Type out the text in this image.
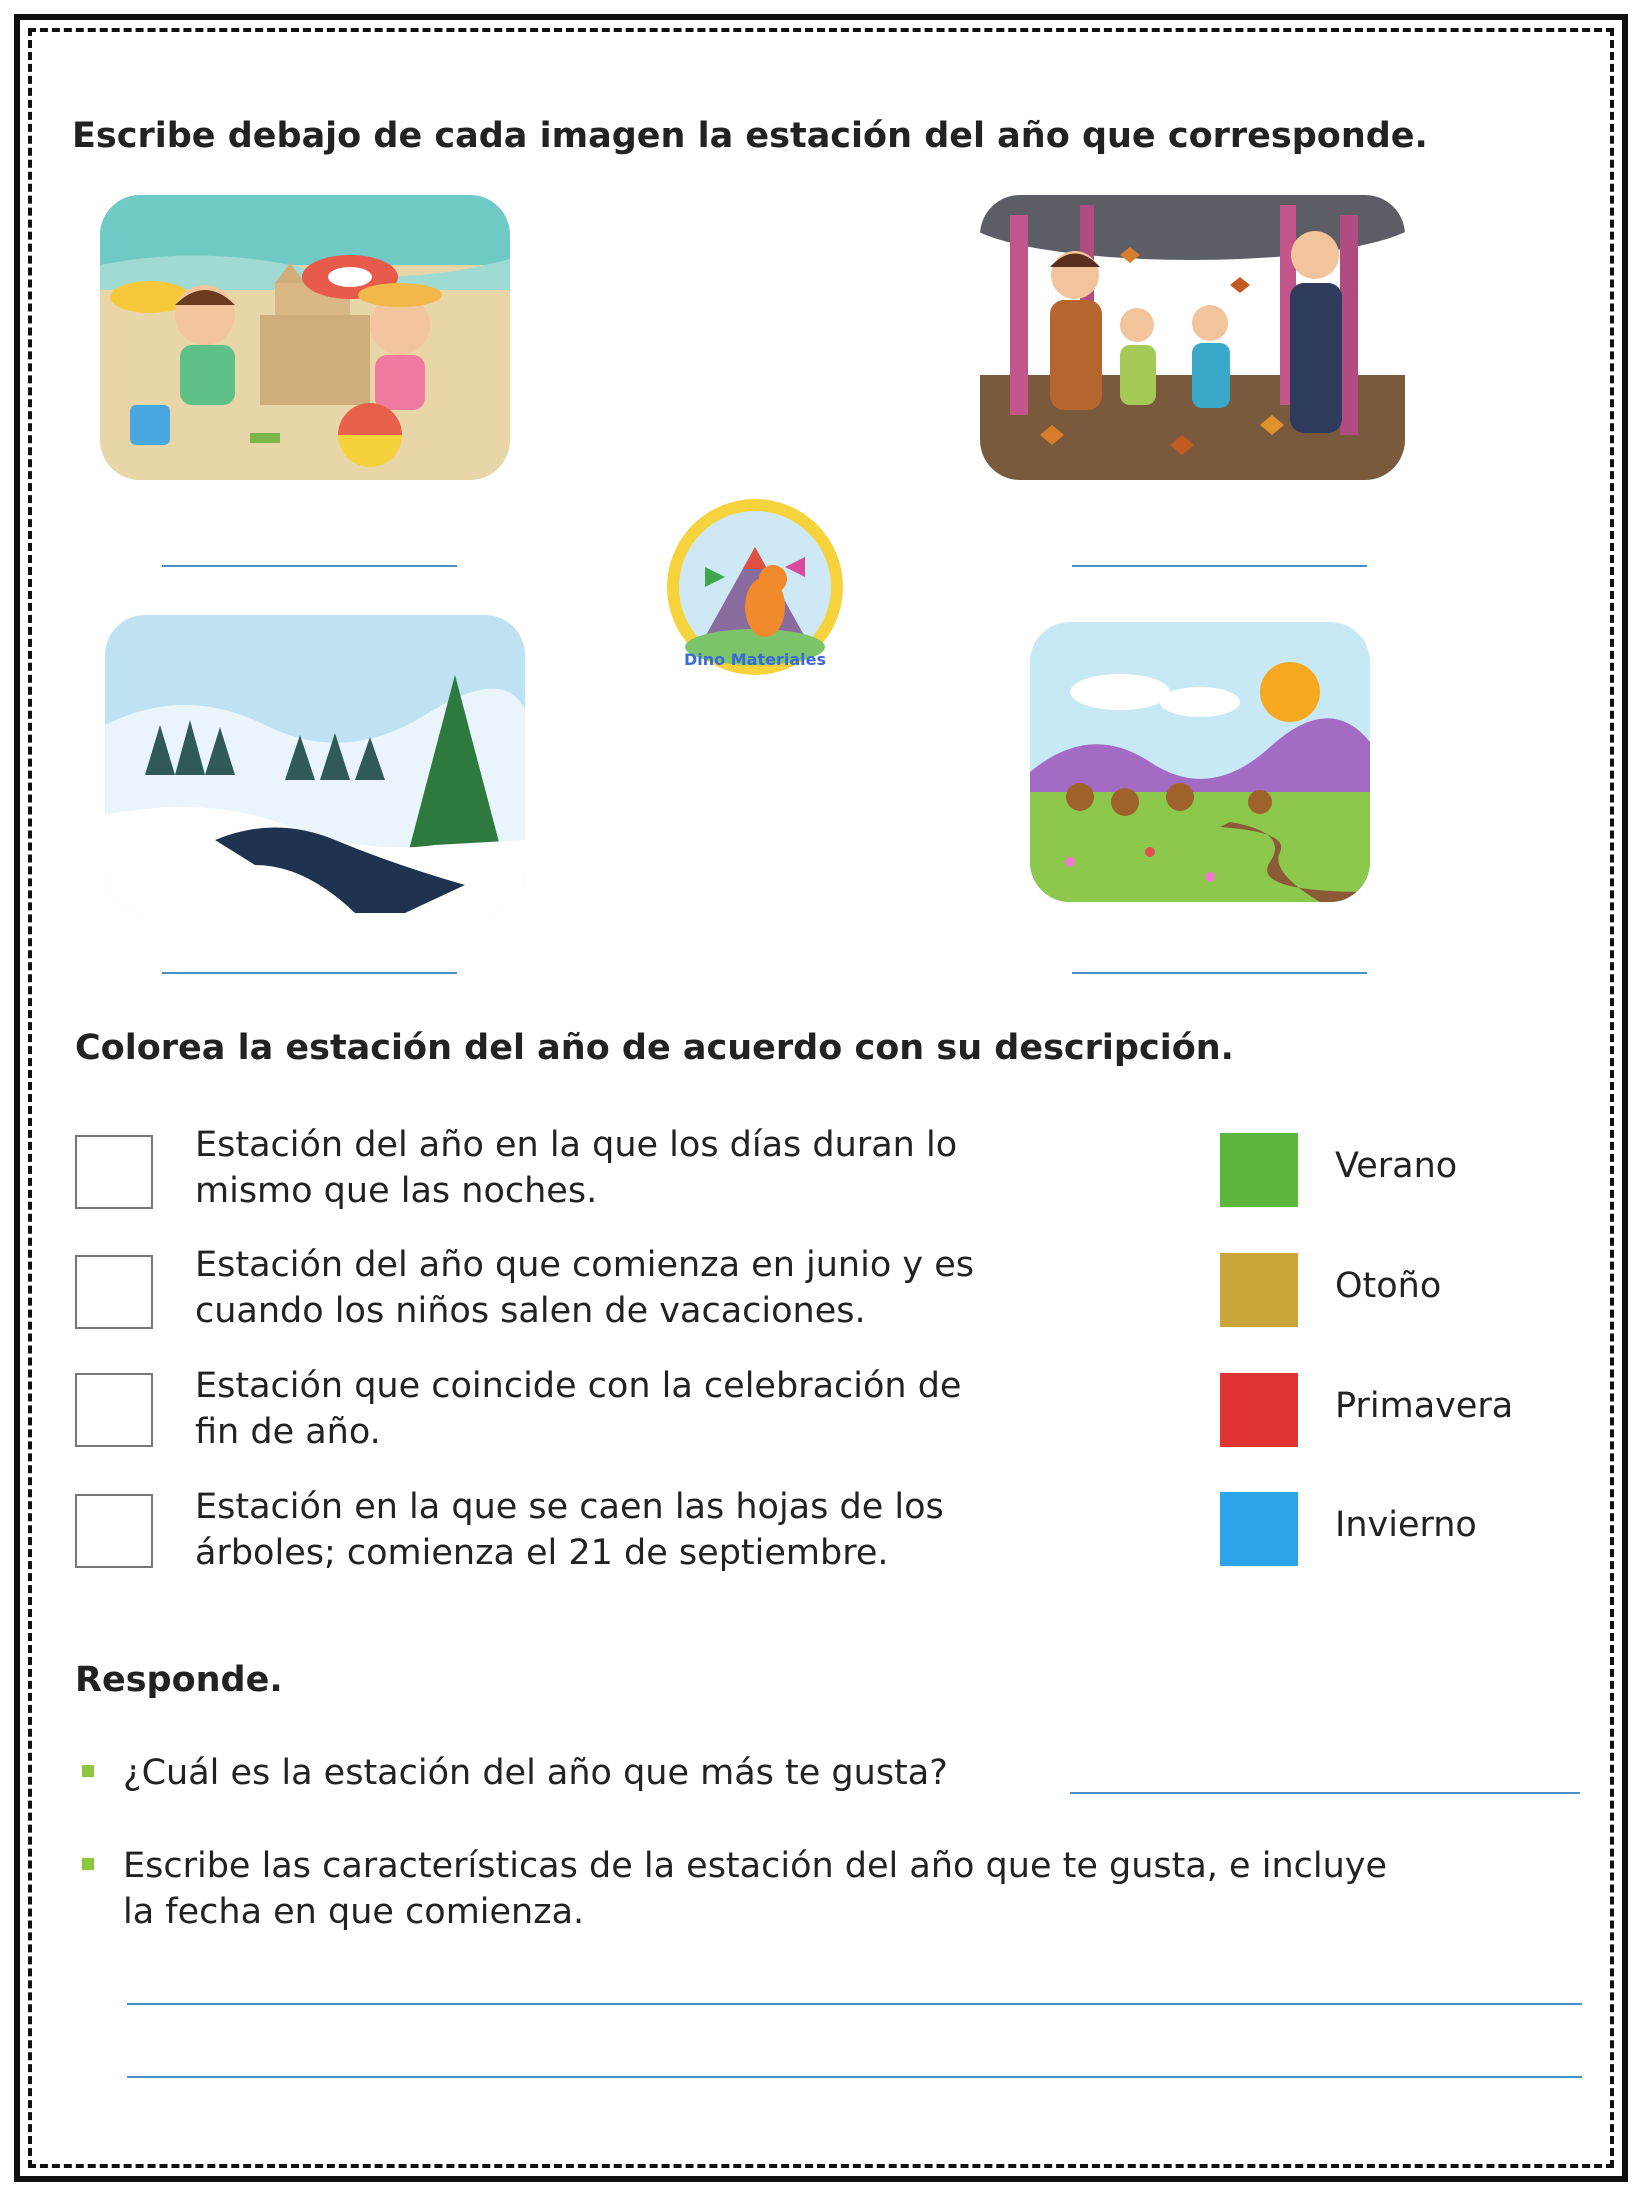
Escribe debajo de cada imagen la estación del año que corresponde.
Dino Materiales
Colorea la estación del año de acuerdo con su descripción.
Estación del año en la que los días duran lo
mismo que las noches.
Estación del año que comienza en junio y es
cuando los niños salen de vacaciones.
Estación que coincide con la celebración de
fin de año.
Estación en la que se caen las hojas de los
árboles; comienza el 21 de septiembre.
Verano
Otoño
Primavera
Invierno
Responde.
¿Cuál es la estación del año que más te gusta?
Escribe las características de la estación del año que te gusta, e incluye
la fecha en que comienza.
